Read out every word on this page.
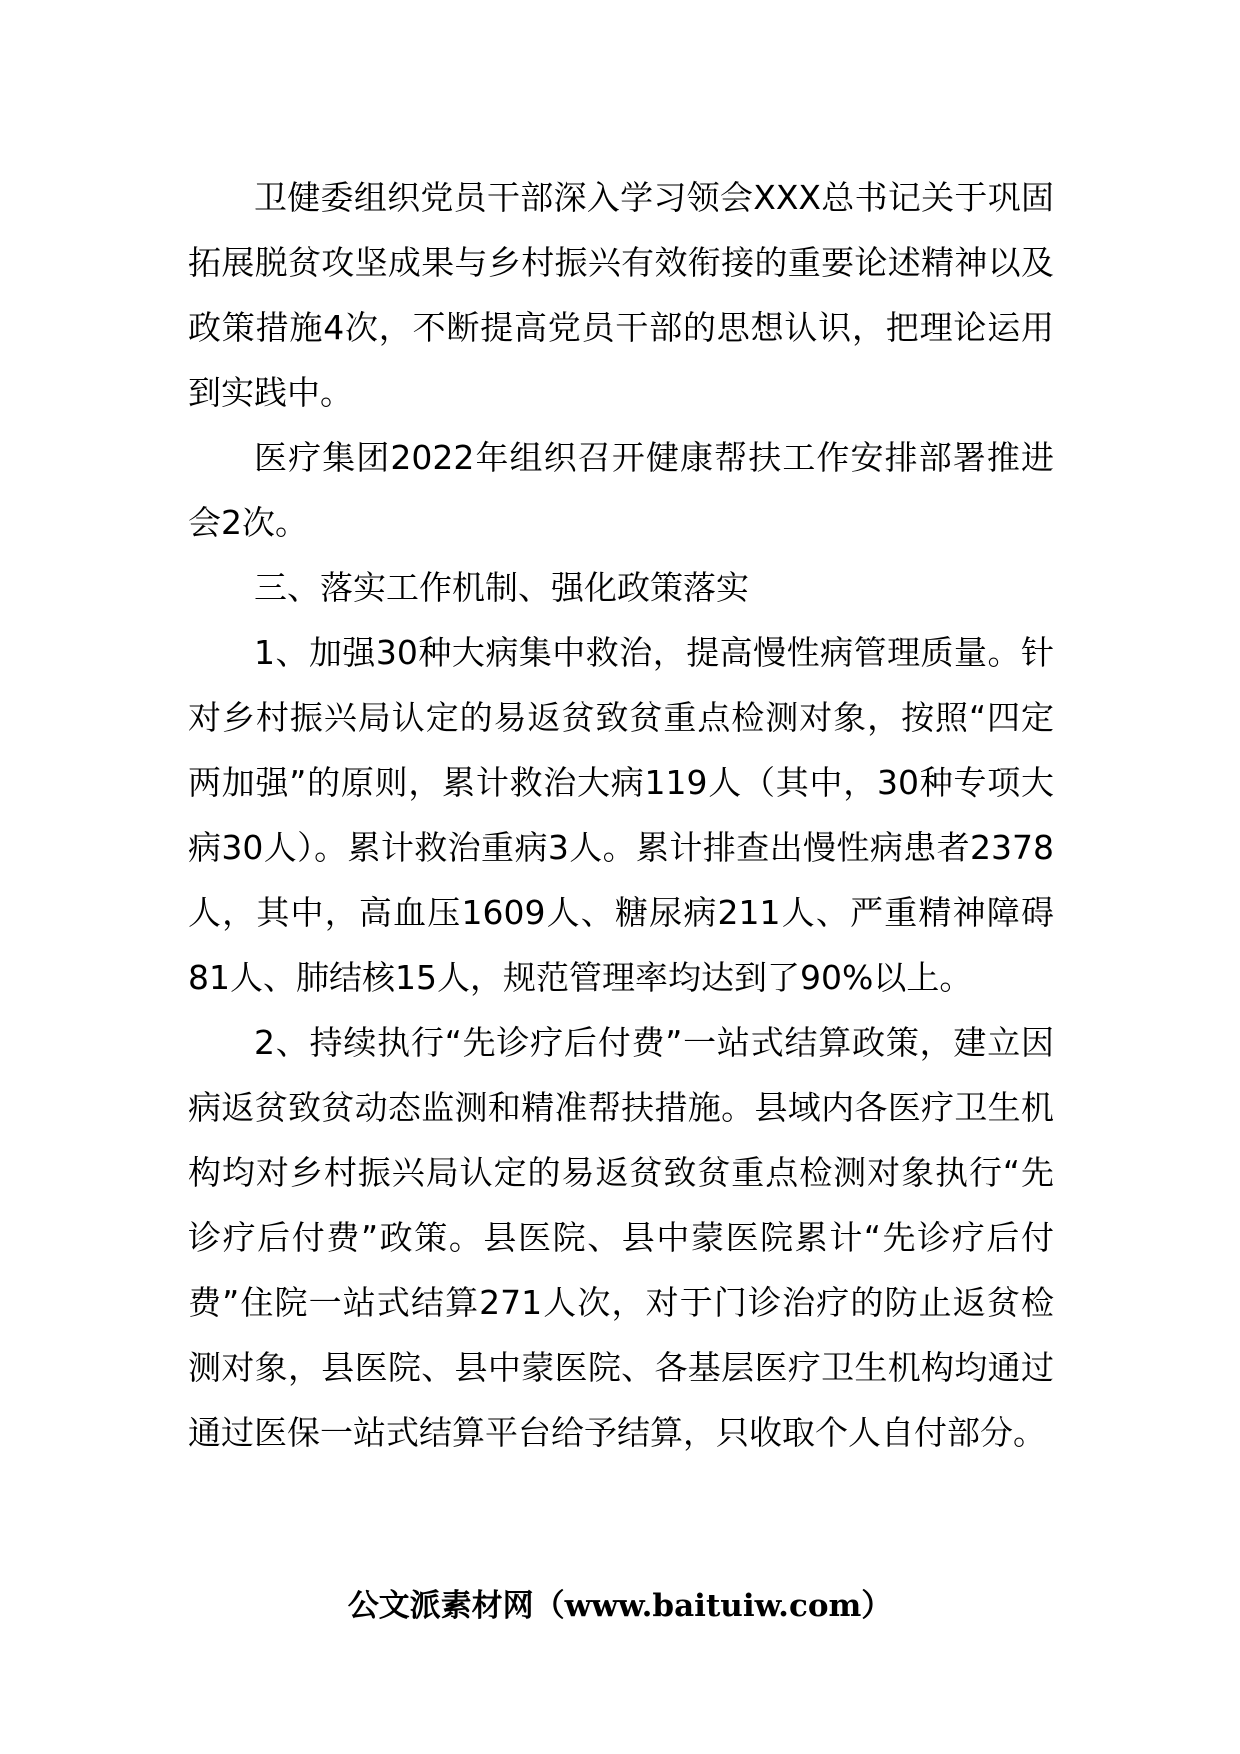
卫健委组织党员干部深入学习领会XXX总书记关于巩固拓展脱贫攻坚成果与乡村振兴有效衔接的重要论述精神以及政策措施4次，不断提高党员干部的思想认识，把理论运用到实践中。

医疗集团2022年组织召开健康帮扶工作安排部署推进会2次。

三、落实工作机制、强化政策落实

1、加强30种大病集中救治，提高慢性病管理质量。针对乡村振兴局认定的易返贫致贫重点检测对象，按照“四定两加强”的原则，累计救治大病119人（其中，30种专项大病30人）。累计救治重病3人。累计排查出慢性病患者2378人，其中，高血压1609人、糖尿病211人、严重精神障碍81人、肺结核15人，规范管理率均达到了90%以上。

2、持续执行“先诊疗后付费”一站式结算政策，建立因病返贫致贫动态监测和精准帮扶措施。县域内各医疗卫生机构均对乡村振兴局认定的易返贫致贫重点检测对象执行“先诊疗后付费”政策。县医院、县中蒙医院累计“先诊疗后付费”住院一站式结算271人次，对于门诊治疗的防止返贫检测对象，县医院、县中蒙医院、各基层医疗卫生机构均通过通过医保一站式结算平台给予结算，只收取个人自付部分。

公文派素材网（www.baituiw.com）
